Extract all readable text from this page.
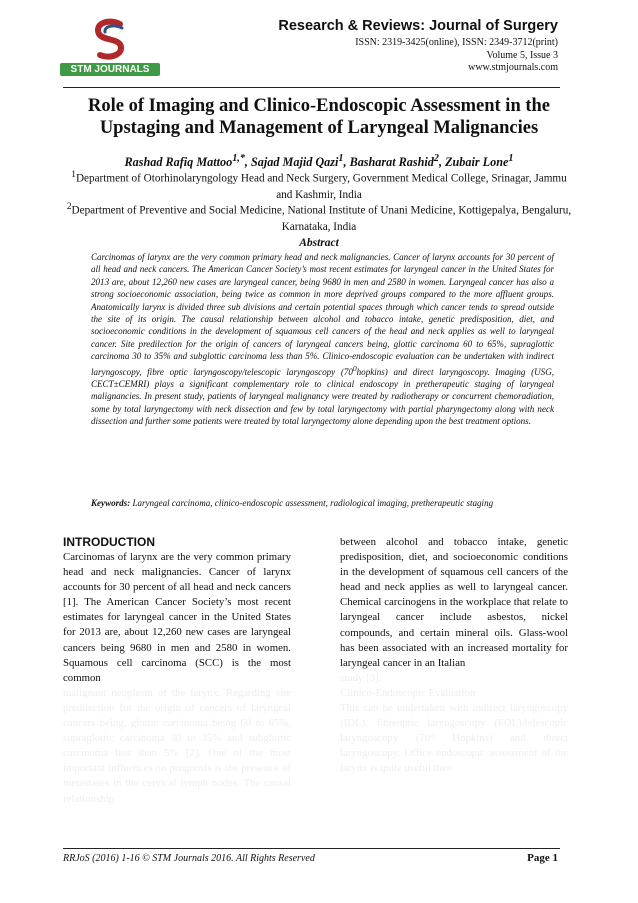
STM JOURNALS
Research & Reviews: Journal of Surgery
ISSN: 2319-3425(online), ISSN: 2349-3712(print)
Volume 5, Issue 3
www.stmjournals.com
Role of Imaging and Clinico-Endoscopic Assessment in the Upstaging and Management of Laryngeal Malignancies
Rashad Rafiq Mattoo$^{1,*}$, Sajad Majid Qazi$^1$, Basharat Rashid$^2$, Zubair Lone$^1$
$^1$Department of Otorhinolaryngology Head and Neck Surgery, Government Medical College, Srinagar, Jammu and Kashmir, India
$^2$Department of Preventive and Social Medicine, National Institute of Unani Medicine, Kottigepalya, Bengaluru, Karnataka, India
Abstract

Carcinomas of larynx are the very common primary head and neck malignancies. Cancer of larynx accounts for 30 percent of all head and neck cancers. The American Cancer Society’s most recent estimates for laryngeal cancer in the United States for 2013 are, about 12,260 new cases are laryngeal cancer, being 9680 in men and 2580 in women. Laryngeal cancer has also a strong socioeconomic association, being twice as common in more deprived groups compared to the more affluent groups. Anatomically larynx is divided three sub divisions and certain potential spaces through which cancer tends to spread outside the site of its origin. The causal relationship between alcohol and tobacco intake, genetic predisposition, diet, and socioeconomic conditions in the development of squamous cell cancers of the head and neck applies as well to laryngeal cancer. Site predilection for the origin of cancers of laryngeal cancers being, glottic carcinoma 60 to 65%, supraglottic carcinoma 30 to 35% and subglottic carcinoma less than 5%. Clinico-endoscopic evaluation can be undertaken with indirect laryngoscopy, fibre optic laryngoscopy/telescopic laryngoscopy $(70^0hopkins)$ and direct laryngoscopy. Imaging (USG, CECT±CEMRI) plays a significant complementary role to clinical endoscopy in pretherapeutic staging of laryngeal malignancies. In present study, patients of laryngeal malignancy were treated by radiotherapy or concurrent chemoradiation, some by total laryngectomy with neck dissection and few by total laryngectomy with partial pharyngectomy along with neck dissection and further some patients were treated by total laryngectomy alone depending upon the best treatment options.

Keywords: Laryngeal carcinoma, clinico-endoscopic assessment, radiological imaging, pretherapeutic staging

INTRODUCTION

Carcinomas of larynx are the very common primary head and neck malignancies. Cancer of larynx accounts for 30 percent of all head and neck cancers [1]. The American Cancer Society’s most recent estimates for laryngeal cancer in the United States for 2013 are, about 12,260 new cases are laryngeal cancers being 9680 in men and 2580 in women. Squamous cell carcinoma (SCC) is the most common

malignant neoplasm of the larynx. Regarding site predilection for the origin of cancers of laryngeal cancers being, glottic carcinoma being 60 to 65%, supraglottic carcinoma 30 to 35% and subglottic carcinoma less than 5% [2]. One of the most important influences on prognosis is the presence of metastases in the cervical lymph nodes. The causal relationship

between alcohol and tobacco intake, genetic predisposition, diet, and socioeconomic conditions in the development of squamous cell cancers of the head and neck applies as well to laryngeal cancer. Chemical carcinogens in the workplace that relate to laryngeal cancer include asbestos, nickel compounds, and certain mineral oils. Glass-wool has been associated with an increased mortality for laryngeal cancer in an Italian

study [3].

Clinico-Endoscopic Evaluation

This can be undertaken with indirect laryngoscopy (IDL), fibreoptic laryngoscopy (FOL)/telescopic laryngoscopy (70° Hopkins) and direct laryngoscopy. Office endoscopic assessment of the larynx is quite useful then

RRJoS (2016) 1-16 © STM Journals 2016. All Rights Reserved	Page 1
